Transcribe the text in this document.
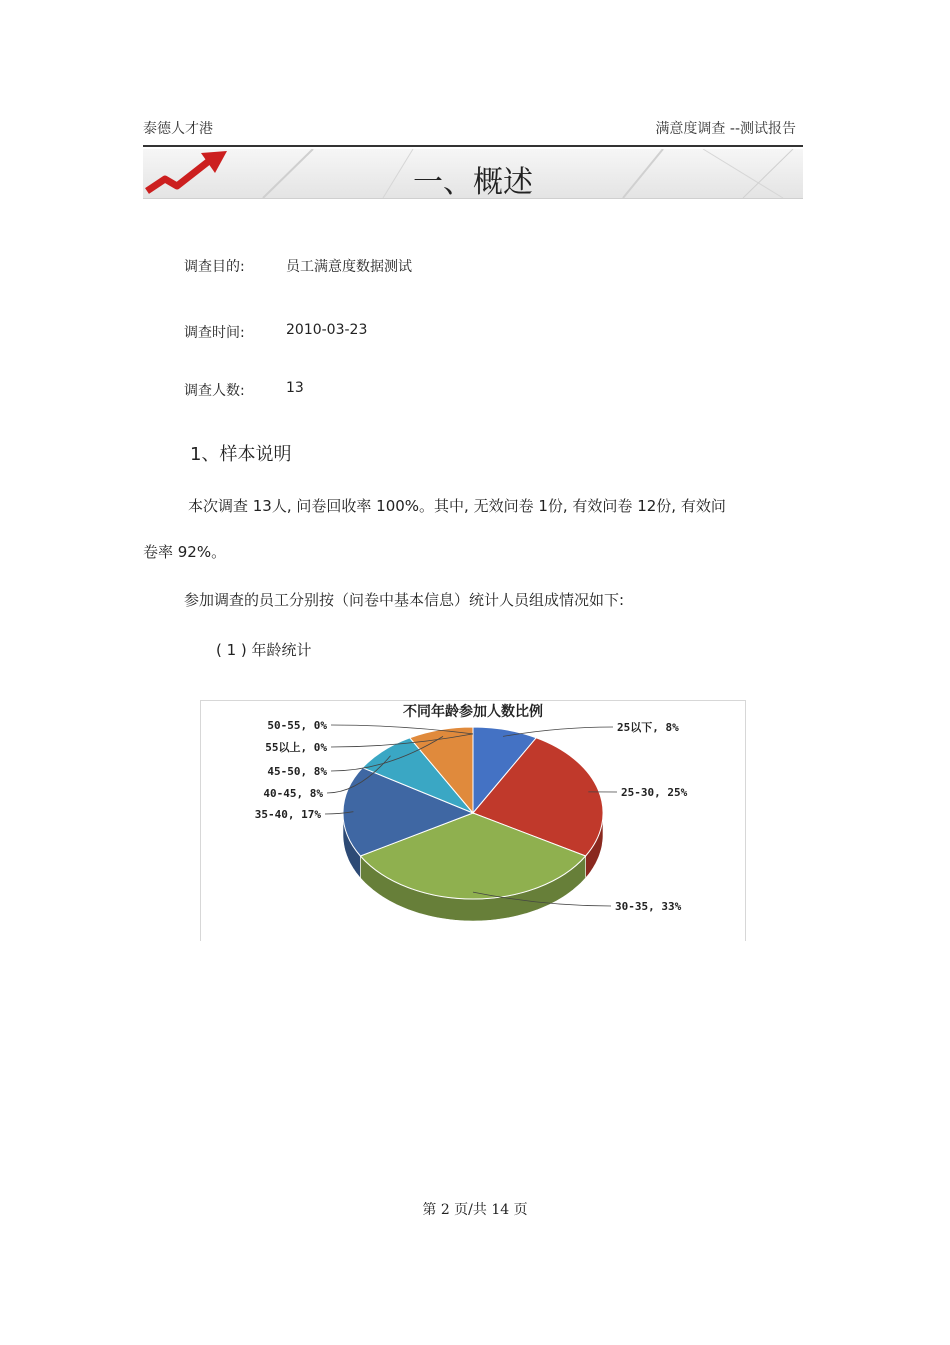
泰德人才港	满意度调查 --测试报告
一、概述
调查目的:	员工满意度数据测试
调查时间:	2010-03-23
调查人数:	13
1、样本说明
本次调查 13人, 问卷回收率 100%。其中, 无效问卷 1份, 有效问卷 12份, 有效问
卷率 92%。
参加调查的员工分别按（问卷中基本信息）统计人员组成情况如下:
( 1 ) 年龄统计
不同年龄参加人数比例
25以下, 8%
25-30, 25%
30-35, 33%
35-40, 17%
40-45, 8%
45-50, 8%
55以上, 0%
50-55, 0%
第 2 页/共 14 页
